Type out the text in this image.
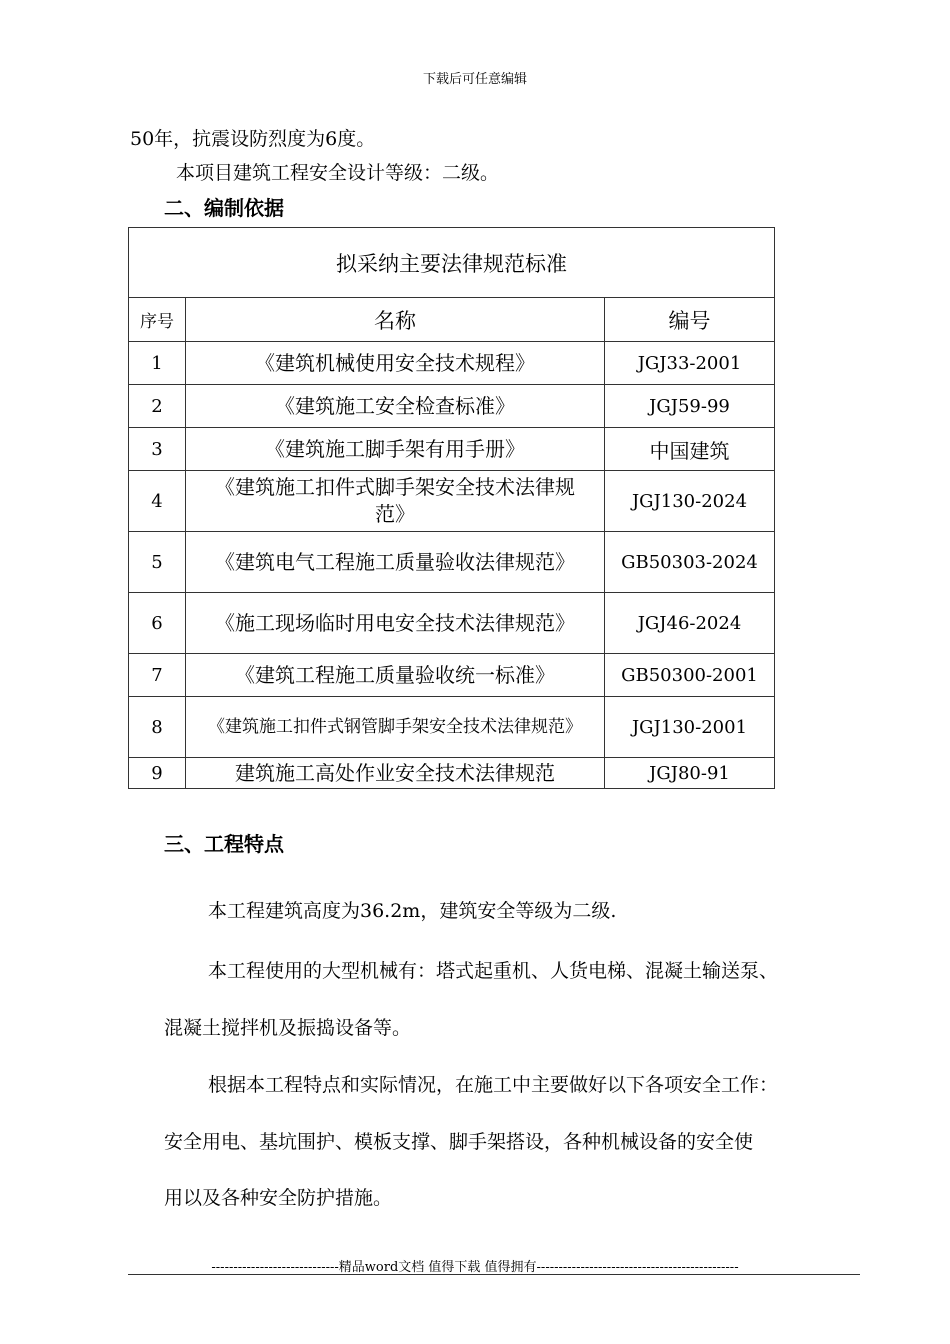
下载后可任意编辑
50年，抗震设防烈度为6度。
本项目建筑工程安全设计等级：二级。
二、编制依据
拟采纳主要法律规范标准		
序号	名称	编号
1	《建筑机械使用安全技术规程》	JGJ33-2001
2	《建筑施工安全检查标准》	JGJ59-99
3	《建筑施工脚手架有用手册》	中国建筑
4	《建筑施工扣件式脚手架安全技术法律规范》	JGJ130-2024
5	《建筑电气工程施工质量验收法律规范》	GB50303-2024
6	《施工现场临时用电安全技术法律规范》	JGJ46-2024
7	《建筑工程施工质量验收统一标准》	GB50300-2001
8	《建筑施工扣件式钢管脚手架安全技术法律规范》	JGJ130-2001
9	建筑施工高处作业安全技术法律规范	JGJ80-91
三、工程特点
本工程建筑高度为36.2m，建筑安全等级为二级.
本工程使用的大型机械有：塔式起重机、人货电梯、混凝土输送泵、
混凝土搅拌机及振捣设备等。
根据本工程特点和实际情况，在施工中主要做好以下各项安全工作：
安全用电、基坑围护、模板支撑、脚手架搭设，各种机械设备的安全使
用以及各种安全防护措施。
-----------------------------精品word文档 值得下载 值得拥有----------------------------------------------
